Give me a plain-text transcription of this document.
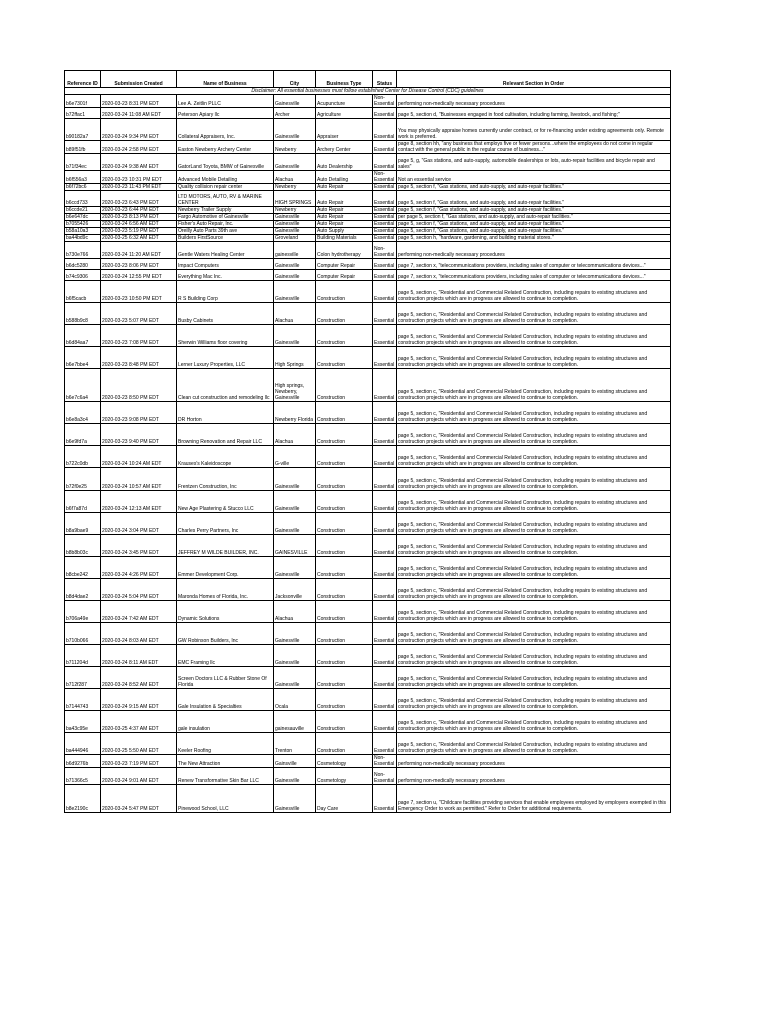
Reference ID	Submission Created	Name of Business	City	Business Type	Status	Relevant Section in Order
Disclaimer: All essential businesses must follow established Center for Disease Control (CDC) guidelines						
b6e7301f	2020-03-23 8:31 PM EDT	Lee A. Zeitlin PLLC	Gainesville	Acupuncture	Non-Essential	performing non-medically necessary procedures
b72ffac1	2020-03-24 11:08 AM EDT	Peterson Apiary llc	Archer	Agriculture	Essential	page 5, section d, "Businesses engaged in food cultivation, including farming, livestock, and fishing;"
b90182a7	2020-03-24 9:34 PM EDT	Collateral Appraisers, Inc.	Gainesville	Appraiser	Essential	You may physically appraise homes currently under contract, or for re-financing under existing agreements only. Remote work is preferred.
b89f51fb	2020-03-24 2:58 PM EDT	Easton Newberry Archery Center	Newberry	Archery Center	Essential	page 8, section hh, "any business that employs five or fewer persons...where the employees do not come in regular contact with the general public in the regular course of business..."
b71f34ec	2020-03-24 9:38 AM EDT	GatorLand Toyota, BMW of Gainesville	Gainesville	Auto Dealership	Essential	page 5, g, "Gas stations, and auto-supply, automobile dealerships or lots, auto-repair facilities and bicycle repair and sales"
b6f556a3	2020-03-23 10:31 PM EDT	Advanced Mobile Detailing	Alachua	Auto Detailing	Non-Essential	Not an essential service
b6f72bc6	2020-03-23 11:43 PM EDT	Quality collision repair center	Newberry	Auto Repair	Essential	page 5, section f, "Gas stations, and auto-supply, and auto-repair facilities."
b6ccd733	2020-03-23 6:43 PM EDT	LTD MOTORS, AUTO, RV & MARINE CENTER	HIGH SPRINGS	Auto Repair	Essential	page 5, section f, "Gas stations, and auto-supply, and auto-repair facilities."
b6ccde21	2020-03-23 6:44 PM EDT	Newberry Trailer Supply	Newberry	Auto Repair	Essential	page 5, section f, "Gas stations, and auto-supply, and auto-repair facilities."
b6e647dc	2020-03-23 8:13 PM EDT	Fargo Automotive of Gainesville	Gainesville	Auto Repair	Essential	per page 5, section f, "Gas stations, and auto-supply, and auto-repair facilities."
b7055426	2020-03-24 6:56 AM EDT	Fisher's Auto Repair, Inc.	Gainesville	Auto Repair	Essential	page 5, section f, "Gas stations, and auto-supply, and auto-repair facilities."
b58a10a3	2020-03-23 5:19 PM EDT	Oreilly Auto Parts 39th ave	Gainesville	Auto Supply	Essential	page 5, section f, "Gas stations, and auto-supply, and auto-repair facilities."
ba44bd9c	2020-03-25 6:32 AM EDT	Builders FirstSource	Groveland	Building Materials	Essential	page 5, section h, "hardware, gardening, and building material stores."
b730e766	2020-03-24 11:20 AM EDT	Gentle Waters Healing Center	gainesville	Colon hydrotherapy	Non-Essential	performing non-medically necessary procedures
b6dc5280	2020-03-23 8:06 PM EDT	Impact Computers	Gainesville	Computer Repair	Essential	page 7, section x, "telecommunications providers, including sales of computer or telecommunications devices..."
b74c9306	2020-03-24 12:55 PM EDT	Everything Mac Inc.	Gainesville	Computer Repair	Essential	page 7, section x, "telecommunications providers, including sales of computer or telecommunications devices..."
b6f5cacb	2020-03-23 10:50 PM EDT	R S Building Corp	Gainesville	Construction	Essential	page 5, section c, "Residential and Commercial Related Construction, including repairs to existing structures and construction projects which are in progress are allowed to continue to completion.
b588b9c8	2020-03-23 5:07 PM EDT	Busby Cabinets	Alachua	Construction	Essential	page 5, section c, "Residential and Commercial Related Construction, including repairs to existing structures and construction projects which are in progress are allowed to continue to completion.
b6d84aa7	2020-03-23 7:08 PM EDT	Sherwin Williams floor covering	Gainesville	Construction	Essential	page 5, section c, "Residential and Commercial Related Construction, including repairs to existing structures and construction projects which are in progress are allowed to continue to completion.
b6e7bbe4	2020-03-23 8:48 PM EDT	Lerner Luxury Properties, LLC	High Springs	Construction	Essential	page 5, section c, "Residential and Commercial Related Construction, including repairs to existing structures and construction projects which are in progress are allowed to continue to completion.
b6e7c6a4	2020-03-23 8:50 PM EDT	Clean cut construction and remodeling llc	High springs, Newberry, Gainesville	Construction	Essential	page 5, section c, "Residential and Commercial Related Construction, including repairs to existing structures and construction projects which are in progress are allowed to continue to completion.
b6e8a3c4	2020-03-23 9:08 PM EDT	DR Horton	Newberry Florida	Construction	Essential	page 5, section c, "Residential and Commercial Related Construction, including repairs to existing structures and construction projects which are in progress are allowed to continue to completion.
b6e9fd7a	2020-03-23 9:40 PM EDT	Browning Renovation and Repair LLC	Alachua	Construction	Essential	page 5, section c, "Residential and Commercial Related Construction, including repairs to existing structures and construction projects which are in progress are allowed to continue to completion.
b722c0db	2020-03-24 10:24 AM EDT	Krauses's Kaleidoscope	G-ville	Construction	Essential	page 5, section c, "Residential and Commercial Related Construction, including repairs to existing structures and construction projects which are in progress are allowed to continue to completion.
b72f0e25	2020-03-24 10:57 AM EDT	Frentzen Construction, Inc	Gainesville	Construction	Essential	page 5, section c, "Residential and Commercial Related Construction, including repairs to existing structures and construction projects which are in progress are allowed to continue to completion.
b6f7a87d	2020-03-24 12:13 AM EDT	New Age Plastering & Stucco LLC	Gainesville	Construction	Essential	page 5, section c, "Residential and Commercial Related Construction, including repairs to existing structures and construction projects which are in progress are allowed to continue to completion.
b8a9bae9	2020-03-24 3:04 PM EDT	Charles Perry Partners, Inc	Gainesville	Construction	Essential	page 5, section c, "Residential and Commercial Related Construction, including repairs to existing structures and construction projects which are in progress are allowed to continue to completion.
b8b8b03c	2020-03-24 3:45 PM EDT	JEFFREY M WILDE BUILDER, INC.	GAINESVILLE	Construction	Essential	page 5, section c, "Residential and Commercial Related Construction, including repairs to existing structures and construction projects which are in progress are allowed to continue to completion.
b8cbe242	2020-03-24 4:26 PM EDT	Emmer Development Corp.	Gainesville	Construction	Essential	page 5, section c, "Residential and Commercial Related Construction, including repairs to existing structures and construction projects which are in progress are allowed to continue to completion.
b8d4dae2	2020-03-24 5:04 PM EDT	Maronda Homes of Florida, Inc.	Jacksonville	Construction	Essential	page 5, section c, "Residential and Commercial Related Construction, including repairs to existing structures and construction projects which are in progress are allowed to continue to completion.
b706a49e	2020-03-24 7:42 AM EDT	Dynamic Solutions	Alachua	Construction	Essential	page 5, section c, "Residential and Commercial Related Construction, including repairs to existing structures and construction projects which are in progress are allowed to continue to completion.
b710b066	2020-03-24 8:03 AM EDT	GW Robinson Builders, Inc	Gainesville	Construction	Essential	page 5, section c, "Residential and Commercial Related Construction, including repairs to existing structures and construction projects which are in progress are allowed to continue to completion.
b711204d	2020-03-24 8:11 AM EDT	EMC Framing llc	Gainesville	Construction	Essential	page 5, section c, "Residential and Commercial Related Construction, including repairs to existing structures and construction projects which are in progress are allowed to continue to completion.
b712f287	2020-03-24 8:52 AM EDT	Screen Doctors LLC & Rubber Stone Of Florida	Gainesville	Construction	Essential	page 5, section c, "Residential and Commercial Related Construction, including repairs to existing structures and construction projects which are in progress are allowed to continue to completion.
b7144743	2020-03-24 9:15 AM EDT	Gale Insulation & Specialties	Ocala	Construction	Essential	page 5, section c, "Residential and Commercial Related Construction, including repairs to existing structures and construction projects which are in progress are allowed to continue to completion.
ba43c95e	2020-03-25 4:37 AM EDT	gale insulation	gainesauville	Construction	Essential	page 5, section c, "Residential and Commercial Related Construction, including repairs to existing structures and construction projects which are in progress are allowed to continue to completion.
ba444946	2020-03-25 5:50 AM EDT	Keeler Roofing	Trenton	Construction	Essential	page 5, section c, "Residential and Commercial Related Construction, including repairs to existing structures and construction projects which are in progress are allowed to continue to completion.
b6d9276b	2020-03-23 7:19 PM EDT	The New Attraction	Gainsville	Cosmetology	Non-Essential	performing non-medically necessary procedures
b71366c5	2020-03-24 9:01 AM EDT	Renew Transformative Skin Bar LLC	Gainesville	Cosmetology	Non-Essential	performing non-medically necessary procedures
b8e2190c	2020-03-24 5:47 PM EDT	Pinewood School, LLC	Gainesville	Day Care	Essential	page 7, section u, "Childcare facilities providing services that enable employees employed by employers exempted in this Emergency Order to work as permitted." Refer to Order for additional requirements.
